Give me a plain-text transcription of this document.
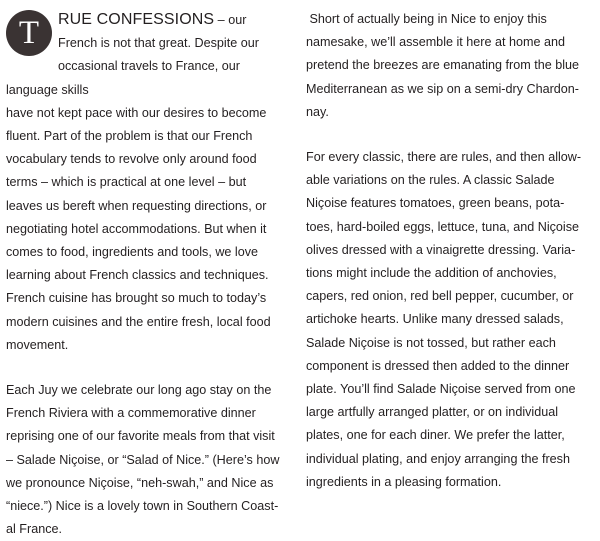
T	RUE CONFESSIONS – our
French is not that great. Despite our
occasional travels to France, our language skills
have not kept pace with our desires to become
fluent. Part of the problem is that our French
vocabulary tends to revolve only around food
terms – which is practical at one level – but
leaves us bereft when requesting directions, or
negotiating hotel accommodations. But when it
comes to food, ingredients and tools, we love
learning about French classics and techniques.
French cuisine has brought so much to today’s
modern cuisines and the entire fresh, local food
movement.

Each Juy we celebrate our long ago stay on the
French Riviera with a commemorative dinner
reprising one of our favorite meals from that visit
– Salade Niçoise, or “Salad of Nice.” (Here’s how
we pronounce Niçoise, “neh-swah,” and Nice as
“niece.”) Nice is a lovely town in Southern Coast-
al France.

Short of actually being in Nice to enjoy this
namesake, we’ll assemble it here at home and
pretend the breezes are emanating from the blue
Mediterranean as we sip on a semi-dry Chardon-
nay.

For every classic, there are rules, and then allow-
able variations on the rules. A classic Salade
Niçoise features tomatoes, green beans, pota-
toes, hard-boiled eggs, lettuce, tuna, and Niçoise
olives dressed with a vinaigrette dressing. Varia-
tions might include the addition of anchovies,
capers, red onion, red bell pepper, cucumber, or
artichoke hearts. Unlike many dressed salads,
Salade Niçoise is not tossed, but rather each
component is dressed then added to the dinner
plate. You’ll find Salade Niçoise served from one
large artfully arranged platter, or on individual
plates, one for each diner. We prefer the latter,
individual plating, and enjoy arranging the fresh
ingredients in a pleasing formation.
